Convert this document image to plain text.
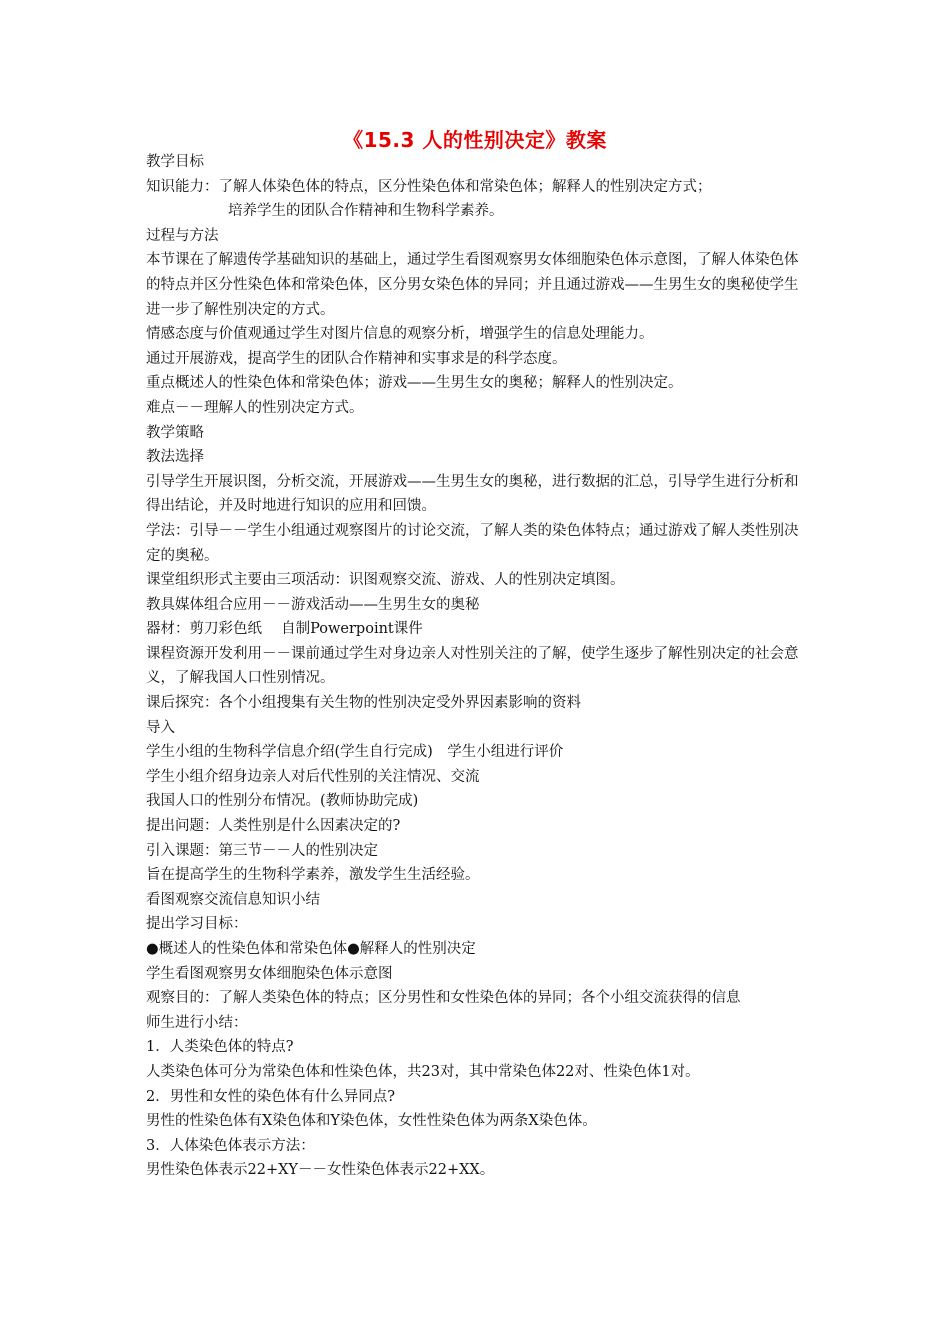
《15.3 人的性别决定》教案

教学目标

知识能力：了解人体染色体的特点，区分性染色体和常染色体；解释人的性别决定方式；

培养学生的团队合作精神和生物科学素养。

过程与方法

本节课在了解遗传学基础知识的基础上，通过学生看图观察男女体细胞染色体示意图，了解人体染色体的特点并区分性染色体和常染色体，区分男女染色体的异同；并且通过游戏——生男生女的奥秘使学生进一步了解性别决定的方式。

情感态度与价值观通过学生对图片信息的观察分析，增强学生的信息处理能力。

通过开展游戏，提高学生的团队合作精神和实事求是的科学态度。

重点概述人的性染色体和常染色体；游戏——生男生女的奥秘；解释人的性别决定。

难点－－理解人的性别决定方式。

教学策略

教法选择

引导学生开展识图，分析交流，开展游戏——生男生女的奥秘，进行数据的汇总，引导学生进行分析和得出结论，并及时地进行知识的应用和回馈。

学法：引导－－学生小组通过观察图片的讨论交流，了解人类的染色体特点；通过游戏了解人类性别决定的奥秘。

课堂组织形式主要由三项活动：识图观察交流、游戏、人的性别决定填图。

教具媒体组合应用－－游戏活动——生男生女的奥秘

器材：剪刀彩色纸　 自制Powerpoint课件

课程资源开发利用－－课前通过学生对身边亲人对性别关注的了解，使学生逐步了解性别决定的社会意义，了解我国人口性别情况。

课后探究：各个小组搜集有关生物的性别决定受外界因素影响的资料

导入

学生小组的生物科学信息介绍(学生自行完成)　学生小组进行评价

学生小组介绍身边亲人对后代性别的关注情况、交流

我国人口的性别分布情况。(教师协助完成)

提出问题：人类性别是什么因素决定的?

引入课题：第三节－－人的性别决定

旨在提高学生的生物科学素养，激发学生生活经验。

看图观察交流信息知识小结

提出学习目标：

●概述人的性染色体和常染色体●解释人的性别决定

学生看图观察男女体细胞染色体示意图

观察目的：了解人类染色体的特点；区分男性和女性染色体的异同；各个小组交流获得的信息

师生进行小结：

1．人类染色体的特点?

人类染色体可分为常染色体和性染色体，共23对，其中常染色体22对、性染色体1对。

2．男性和女性的染色体有什么异同点?

男性的性染色体有X染色体和Y染色体，女性性染色体为两条X染色体。

3．人体染色体表示方法：

男性染色体表示22+XY－－女性染色体表示22+XX。
